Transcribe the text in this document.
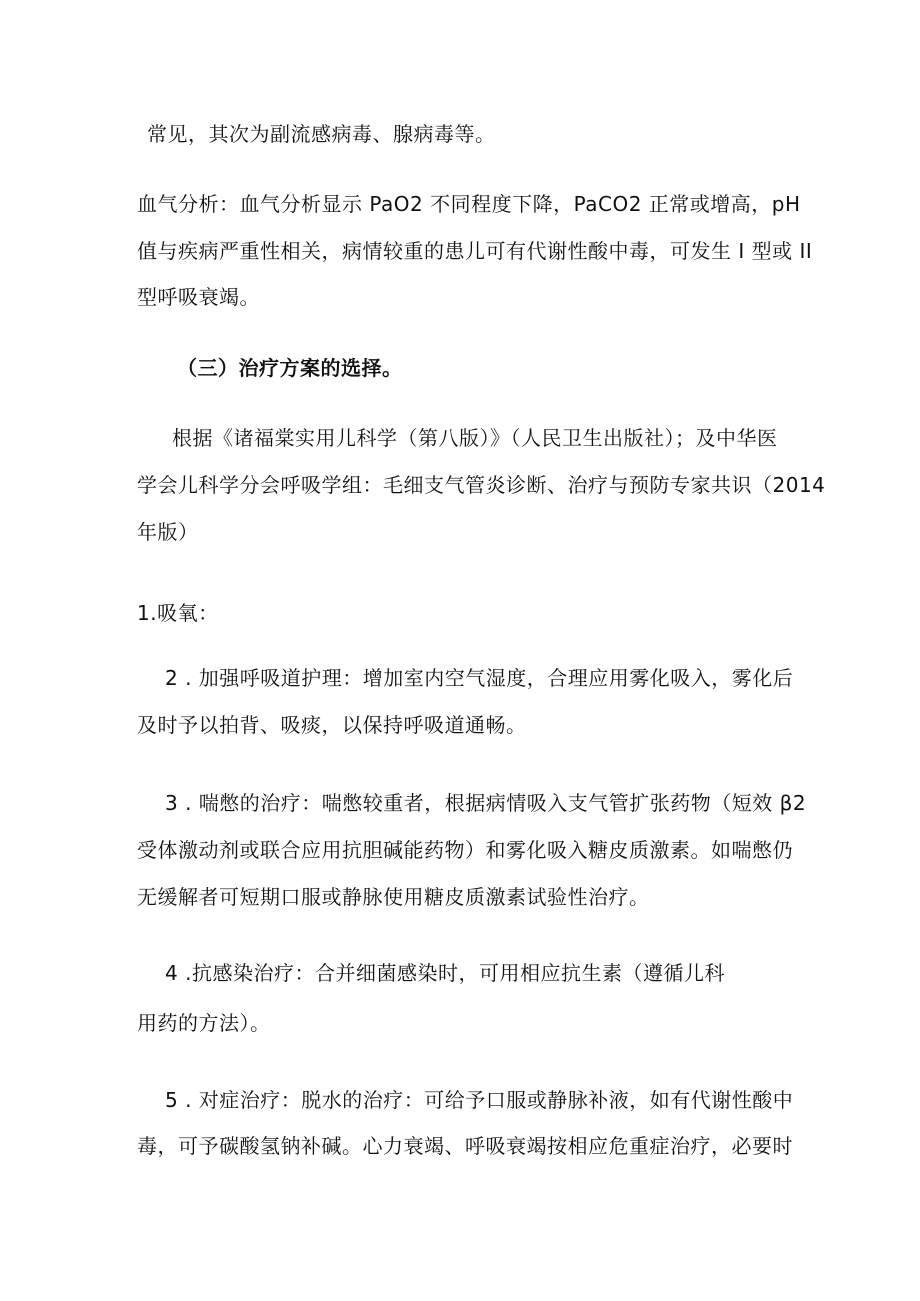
常见，其次为副流感病毒、腺病毒等。
血气分析：血气分析显示 PaO2 不同程度下降，PaCO2 正常或增高，pH
值与疾病严重性相关，病情较重的患儿可有代谢性酸中毒，可发生 I 型或 II
型呼吸衰竭。
（三）治疗方案的选择。
根据《诸福棠实用儿科学（第八版）》（人民卫生出版社）；及中华医
学会儿科学分会呼吸学组：毛细支气管炎诊断、治疗与预防专家共识（2014
年版）
1.吸氧：
2 . 加强呼吸道护理：增加室内空气湿度，合理应用雾化吸入，雾化后
及时予以拍背、吸痰，以保持呼吸道通畅。
3 . 喘憋的治疗：喘憋较重者，根据病情吸入支气管扩张药物（短效 β2
受体激动剂或联合应用抗胆碱能药物）和雾化吸入糖皮质激素。如喘憋仍
无缓解者可短期口服或静脉使用糖皮质激素试验性治疗。
4 .抗感染治疗：合并细菌感染时，可用相应抗生素（遵循儿科
用药的方法）。
5 . 对症治疗：脱水的治疗：可给予口服或静脉补液，如有代谢性酸中
毒，可予碳酸氢钠补碱。心力衰竭、呼吸衰竭按相应危重症治疗，必要时
